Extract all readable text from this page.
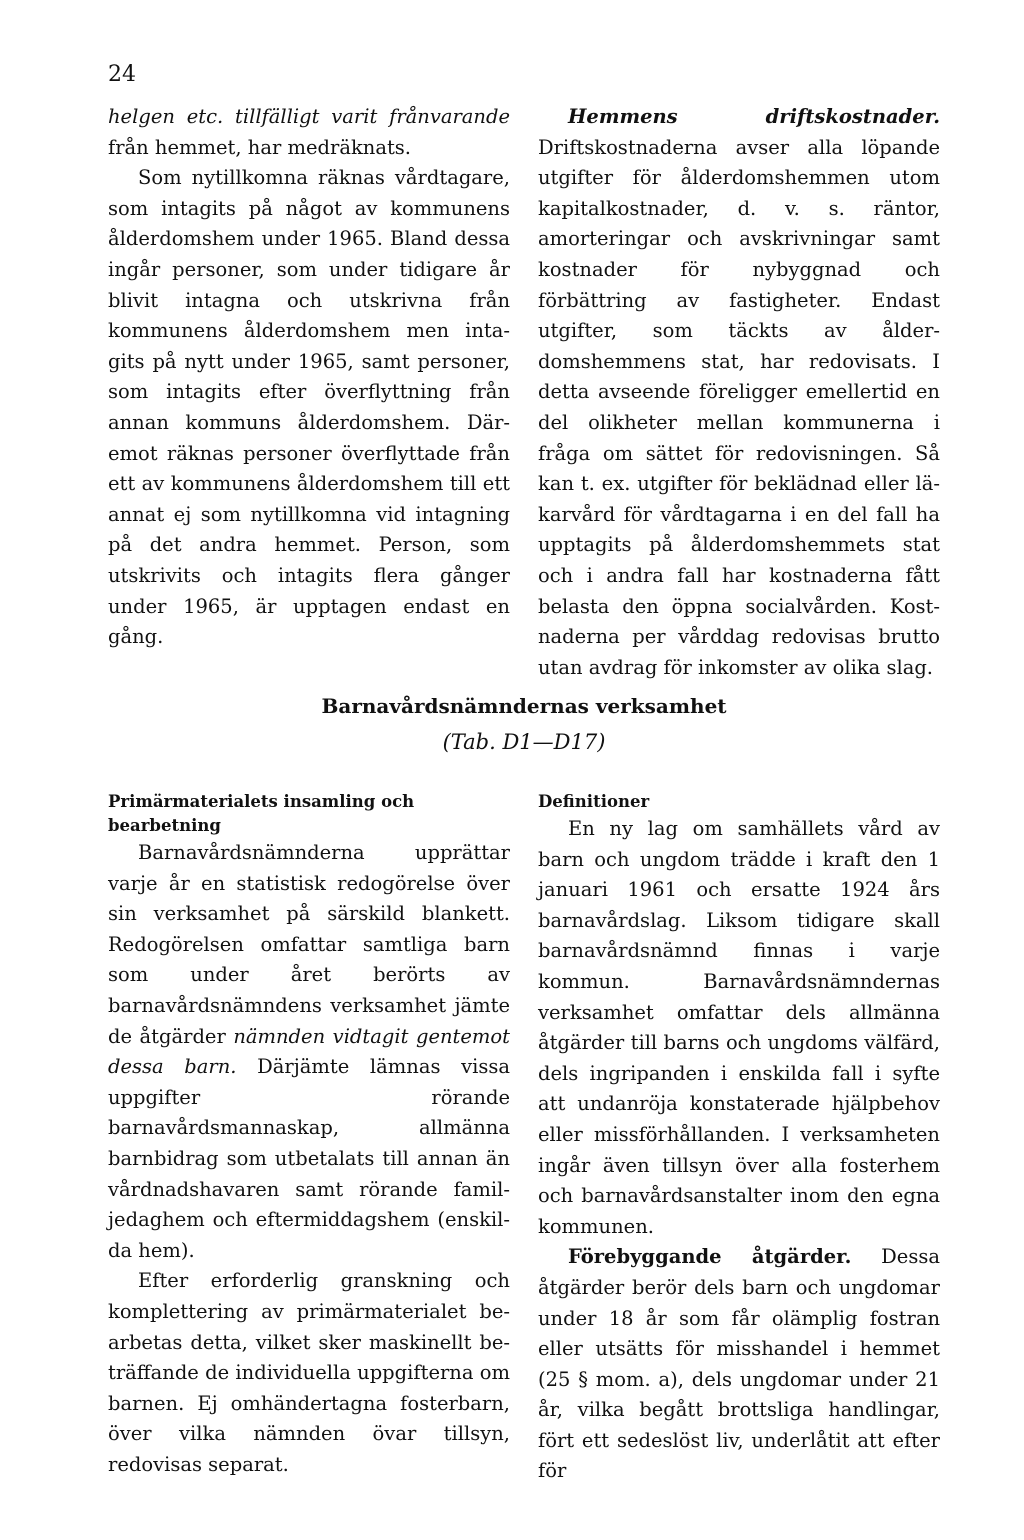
24

helgen etc. tillfälligt varit frånvarande från hemmet, har medräknats.

Som nytillkomna räknas vårdtagare, som intagits på något av kommunens ålderdomshem under 1965. Bland dessa ingår personer, som under tidigare år blivit intagna och utskrivna från kommunens ålderdomshem men intagits på nytt under 1965, samt personer, som intagits efter överflyttning från annan kommuns ålderdomshem. Däremot räknas personer överflyttade från ett av kommunens ålderdomshem till ett annat ej som nytillkomna vid intagning på det andra hemmet. Person, som utskrivits och intagits flera gånger under 1965, är upptagen endast en gång.

Hemmens driftskostnader. Driftskostnaderna avser alla löpande utgifter för ålderdomshemmen utom kapitalkostnader, d. v. s. räntor, amorteringar och avskrivningar samt kostnader för nybyggnad och förbättring av fastigheter. Endast utgifter, som täckts av ålderdomshemmens stat, har redovisats. I detta avseende föreligger emellertid en del olikheter mellan kommunerna i fråga om sättet för redovisningen. Så kan t. ex. utgifter för beklädnad eller läkarvård för vårdtagarna i en del fall ha upptagits på ålderdomshemmets stat och i andra fall har kostnaderna fått belasta den öppna socialvården. Kostnaderna per vårddag redovisas brutto utan avdrag för inkomster av olika slag.

Barnavårdsnämndernas verksamhet

(Tab. D1—D17)

Primärmaterialets insamling och bearbetning

Barnavårdsnämnderna upprättar varje år en statistisk redogörelse över sin verksamhet på särskild blankett. Redogörelsen omfattar samtliga barn som under året berörts av barnavårdsnämndens verksamhet jämte de åtgärder nämnden vidtagit gentemot dessa barn. Därjämte lämnas vissa uppgifter rörande barnavårdsmannaskap, allmänna barnbidrag som utbetalats till annan än vårdnadshavaren samt rörande familjedaghem och eftermiddagshem (enskilda hem).

Efter erforderlig granskning och komplettering av primärmaterialet bearbetas detta, vilket sker maskinellt beträffande de individuella uppgifterna om barnen. Ej omhändertagna fosterbarn, över vilka nämnden övar tillsyn, redovisas separat.

Definitioner

En ny lag om samhällets vård av barn och ungdom trädde i kraft den 1 januari 1961 och ersatte 1924 års barnavårdslag. Liksom tidigare skall barnavårdsnämnd finnas i varje kommun. Barnavårdsnämndernas verksamhet omfattar dels allmänna åtgärder till barns och ungdoms välfärd, dels ingripanden i enskilda fall i syfte att undanröja konstaterade hjälpbehov eller missförhållanden. I verksamheten ingår även tillsyn över alla fosterhem och barnavårdsanstalter inom den egna kommunen.

Förebyggande åtgärder. Dessa åtgärder berör dels barn och ungdomar under 18 år som får olämplig fostran eller utsätts för misshandel i hemmet (25 § mom. a), dels ungdomar under 21 år, vilka begått brottsliga handlingar, fört ett sedeslöst liv, underlåtit att efter för
